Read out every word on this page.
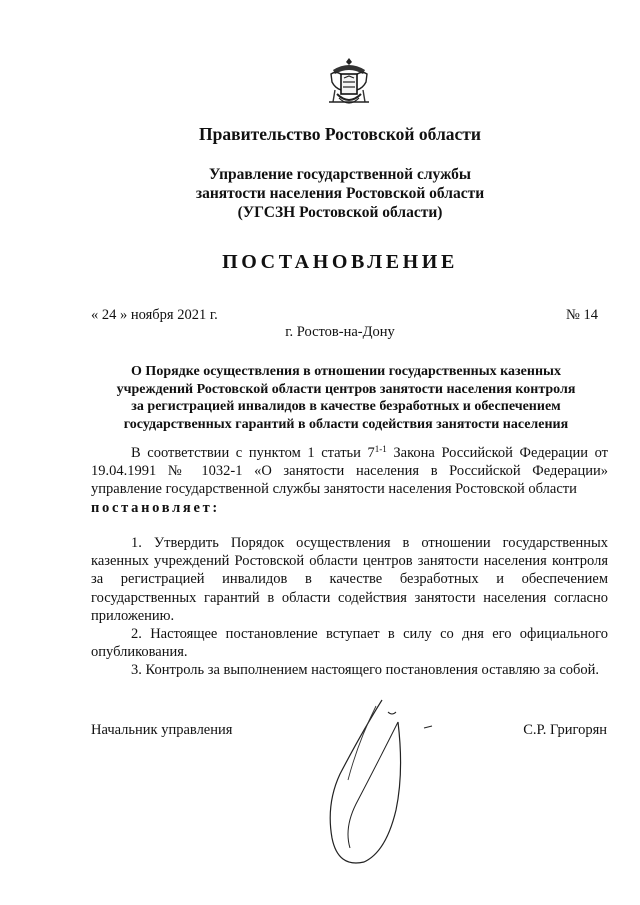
Правительство Ростовской области
Управление государственной службы
занятости населения Ростовской области
(УГСЗН Ростовской области)
ПОСТАНОВЛЕНИЕ
« 24 » ноября 2021 г.	№ 14
г. Ростов-на-Дону
О Порядке осуществления в отношении государственных казенных
учреждений Ростовской области центров занятости населения контроля
за регистрацией инвалидов в качестве безработных и обеспечением
государственных гарантий в области содействия занятости населения

В соответствии с пунктом 1 статьи 7$^{1-1}$ Закона Российской Федерации от 19.04.1991 № 1032-1 «О занятости населения в Российской Федерации» управление государственной службы занятости населения Ростовской области

постановляет:

1. Утвердить Порядок осуществления в отношении государственных казенных учреждений Ростовской области центров занятости населения контроля за регистрацией инвалидов в качестве безработных и обеспечением государственных гарантий в области содействия занятости населения согласно приложению.

2. Настоящее постановление вступает в силу со дня его официального опубликования.

3. Контроль за выполнением настоящего постановления оставляю за собой.

Начальник управления	С.Р. Григорян
